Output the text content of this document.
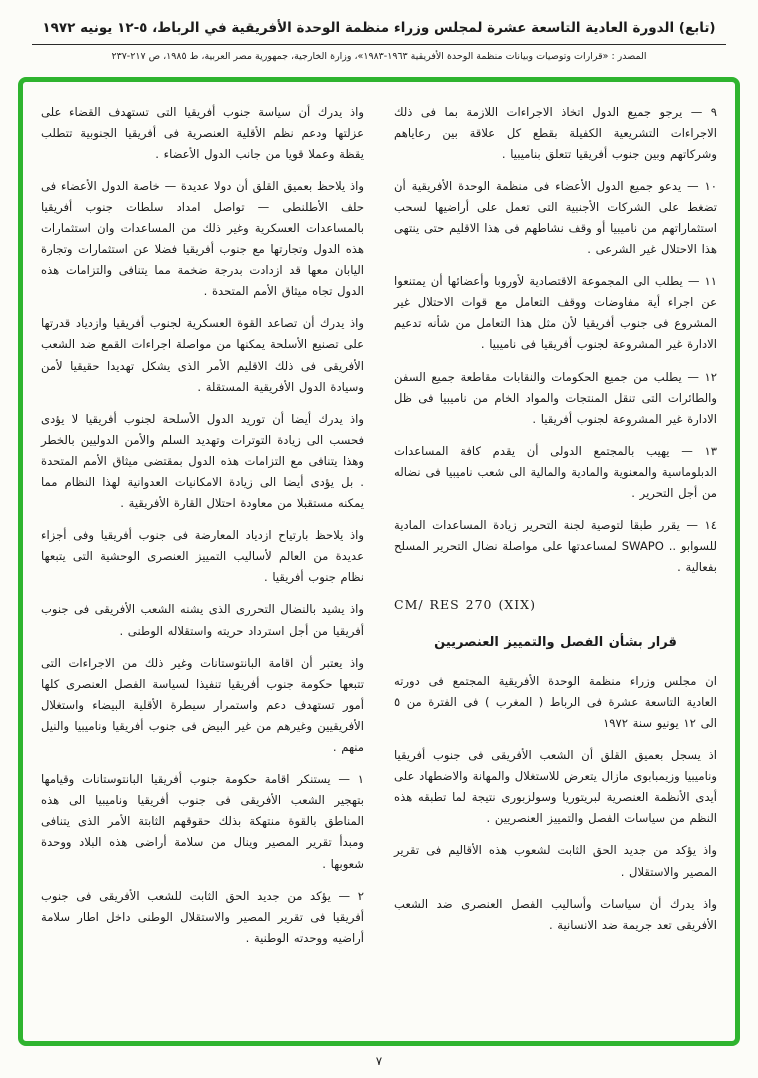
(تابع) الدورة العادية التاسعة عشرة لمجلس وزراء منظمة الوحدة الأفريقية في الرباط، ٥-١٢ يونيه ١٩٧٢
المصدر : «قرارات وتوصيات وبيانات منظمة الوحدة الأفريقية ١٩٦٣-١٩٨٣»، وزارة الخارجية، جمهورية مصر العربية، ط ١٩٨٥، ص ٢١٧-٢٣٧

٩ — يرجو جميع الدول اتخاذ الاجراءات اللازمة بما فى ذلك الاجراءات التشريعية الكفيلة بقطع كل علاقة بين رعاياهم وشركاتهم وبين جنوب أفريقيا تتعلق بناميبيا .

١٠ — يدعو جميع الدول الأعضاء فى منظمة الوحدة الأفريقية أن تضغط على الشركات الأجنبية التى تعمل على أراضيها لسحب استثماراتهم من ناميبيا أو وقف نشاطهم فى هذا الاقليم حتى ينتهى هذا الاحتلال غير الشرعى .

١١ — يطلب الى المجموعة الاقتصادية لأوروبا وأعضائها أن يمتنعوا عن اجراء أية مفاوضات ووقف التعامل مع قوات الاحتلال غير المشروع فى جنوب أفريقيا لأن مثل هذا التعامل من شأنه تدعيم الادارة غير المشروعة لجنوب أفريقيا فى ناميبيا .

١٢ — يطلب من جميع الحكومات والنقابات مقاطعة جميع السفن والطائرات التى تنقل المنتجات والمواد الخام من ناميبيا فى ظل الادارة غير المشروعة لجنوب أفريقيا .

١٣ — يهيب بالمجتمع الدولى أن يقدم كافة المساعدات الدبلوماسية والمعنوية والمادية والمالية الى شعب ناميبيا فى نضاله من أجل التحرير .

١٤ — يقرر طبقا لتوصية لجنة التحرير زيادة المساعدات المادية للسوابو .. SWAPO لمساعدتها على مواصلة نضال التحرير المسلح بفعالية .

CM/ RES 270 (XIX)

قرار بشأن الفصل والتمييز العنصريين

ان مجلس وزراء منظمة الوحدة الأفريقية المجتمع فى دورته العادية التاسعة عشرة فى الرباط ( المغرب ) فى الفترة من ٥ الى ١٢ يونيو سنة ١٩٧٢

اذ يسجل بعميق القلق أن الشعب الأفريقى فى جنوب أفريقيا وناميبيا وزيمبابوى مازال يتعرض للاستغلال والمهانة والاضطهاد على أيدى الأنظمة العنصرية لبريتوريا وسولزبورى نتيجة لما تطبقه هذه النظم من سياسات الفصل والتمييز العنصريين .

واذ يؤكد من جديد الحق الثابت لشعوب هذه الأقاليم فى تقرير المصير والاستقلال .

واذ يدرك أن سياسات وأساليب الفصل العنصرى ضد الشعب الأفريقى تعد جريمة ضد الانسانية .

واذ يدرك أن سياسة جنوب أفريقيا التى تستهدف القضاء على عزلتها ودعم نظم الأقلية العنصرية فى أفريقيا الجنوبية تتطلب يقظة وعملا قويا من جانب الدول الأعضاء .

واذ يلاحظ بعميق القلق أن دولا عديدة — خاصة الدول الأعضاء فى حلف الأطلنطى — تواصل امداد سلطات جنوب أفريقيا بالمساعدات العسكرية وغير ذلك من المساعدات وان استثمارات هذه الدول وتجارتها مع جنوب أفريقيا فضلا عن استثمارات وتجارة اليابان معها قد ازدادت بدرجة ضخمة مما يتنافى والتزامات هذه الدول تجاه ميثاق الأمم المتحدة .

واذ يدرك أن تصاعد القوة العسكرية لجنوب أفريقيا وازدياد قدرتها على تصنيع الأسلحة يمكنها من مواصلة اجراءات القمع ضد الشعب الأفريقى فى ذلك الاقليم الأمر الذى يشكل تهديدا حقيقيا لأمن وسيادة الدول الأفريقية المستقلة .

واذ يدرك أيضا أن توريد الدول الأسلحة لجنوب أفريقيا لا يؤدى فحسب الى زيادة التوترات وتهديد السلم والأمن الدوليين بالخطر وهذا يتنافى مع التزامات هذه الدول بمقتضى ميثاق الأمم المتحدة . بل يؤدى أيضا الى زيادة الامكانيات العدوانية لهذا النظام مما يمكنه مستقبلا من معاودة احتلال القارة الأفريقية .

واذ يلاحظ بارتياح ازدياد المعارضة فى جنوب أفريقيا وفى أجزاء عديدة من العالم لأساليب التمييز العنصرى الوحشية التى يتبعها نظام جنوب أفريقيا .

واذ يشيد بالنضال التحررى الذى يشنه الشعب الأفريقى فى جنوب أفريقيا من أجل استرداد حريته واستقلاله الوطنى .

واذ يعتبر أن اقامة البانتوستانات وغير ذلك من الاجراءات التى تتبعها حكومة جنوب أفريقيا تنفيذا لسياسة الفصل العنصرى كلها أمور تستهدف دعم واستمرار سيطرة الأقلية البيضاء واستغلال الأفريقيين وغيرهم من غير البيض فى جنوب أفريقيا وناميبيا والنيل منهم .

١ — يستنكر اقامة حكومة جنوب أفريقيا البانتوستانات وقيامها بتهجير الشعب الأفريقى فى جنوب أفريقيا وناميبيا الى هذه المناطق بالقوة منتهكة بذلك حقوقهم الثابتة الأمر الذى يتنافى ومبدأ تقرير المصير وينال من سلامة أراضى هذه البلاد ووحدة شعوبها .

٢ — يؤكد من جديد الحق الثابت للشعب الأفريقى فى جنوب أفريقيا فى تقرير المصير والاستقلال الوطنى داخل اطار سلامة أراضيه ووحدته الوطنية .

٧
